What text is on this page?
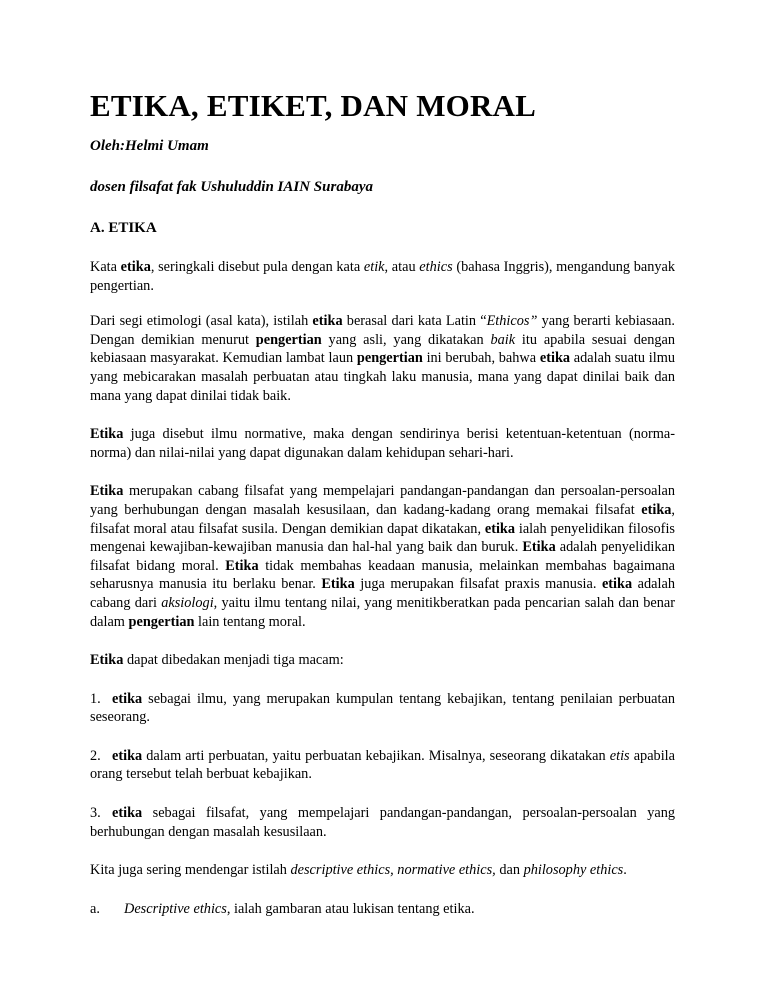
ETIKA, ETIKET, DAN MORAL
Oleh:Helmi Umam
dosen filsafat fak Ushuluddin IAIN Surabaya
A. ETIKA

Kata etika, seringkali disebut pula dengan kata etik, atau ethics (bahasa Inggris), mengandung banyak pengertian.

Dari segi etimologi (asal kata), istilah etika berasal dari kata Latin “Ethicos” yang berarti kebiasaan. Dengan demikian menurut pengertian yang asli, yang dikatakan baik itu apabila sesuai dengan kebiasaan masyarakat. Kemudian lambat laun pengertian ini berubah, bahwa etika adalah suatu ilmu yang mebicarakan masalah perbuatan atau tingkah laku manusia, mana yang dapat dinilai baik dan mana yang dapat dinilai tidak baik.

Etika juga disebut ilmu normative, maka dengan sendirinya berisi ketentuan-ketentuan (norma-norma) dan nilai-nilai yang dapat digunakan dalam kehidupan sehari-hari.

Etika merupakan cabang filsafat yang mempelajari pandangan-pandangan dan persoalan-persoalan yang berhubungan dengan masalah kesusilaan, dan kadang-kadang orang memakai filsafat etika, filsafat moral atau filsafat susila. Dengan demikian dapat dikatakan, etika ialah penyelidikan filosofis mengenai kewajiban-kewajiban manusia dan hal-hal yang baik dan buruk. Etika adalah penyelidikan filsafat bidang moral. Etika tidak membahas keadaan manusia, melainkan membahas bagaimana seharusnya manusia itu berlaku benar. Etika juga merupakan filsafat praxis manusia. etika adalah cabang dari aksiologi, yaitu ilmu tentang nilai, yang menitikberatkan pada pencarian salah dan benar dalam pengertian lain tentang moral.

Etika dapat dibedakan menjadi tiga macam:

1. etika sebagai ilmu, yang merupakan kumpulan tentang kebajikan, tentang penilaian perbuatan seseorang.

2. etika dalam arti perbuatan, yaitu perbuatan kebajikan. Misalnya, seseorang dikatakan etis apabila orang tersebut telah berbuat kebajikan.

3. etika sebagai filsafat, yang mempelajari pandangan-pandangan, persoalan-persoalan yang berhubungan dengan masalah kesusilaan.

Kita juga sering mendengar istilah descriptive ethics, normative ethics, dan philosophy ethics.

a. Descriptive ethics, ialah gambaran atau lukisan tentang etika.
